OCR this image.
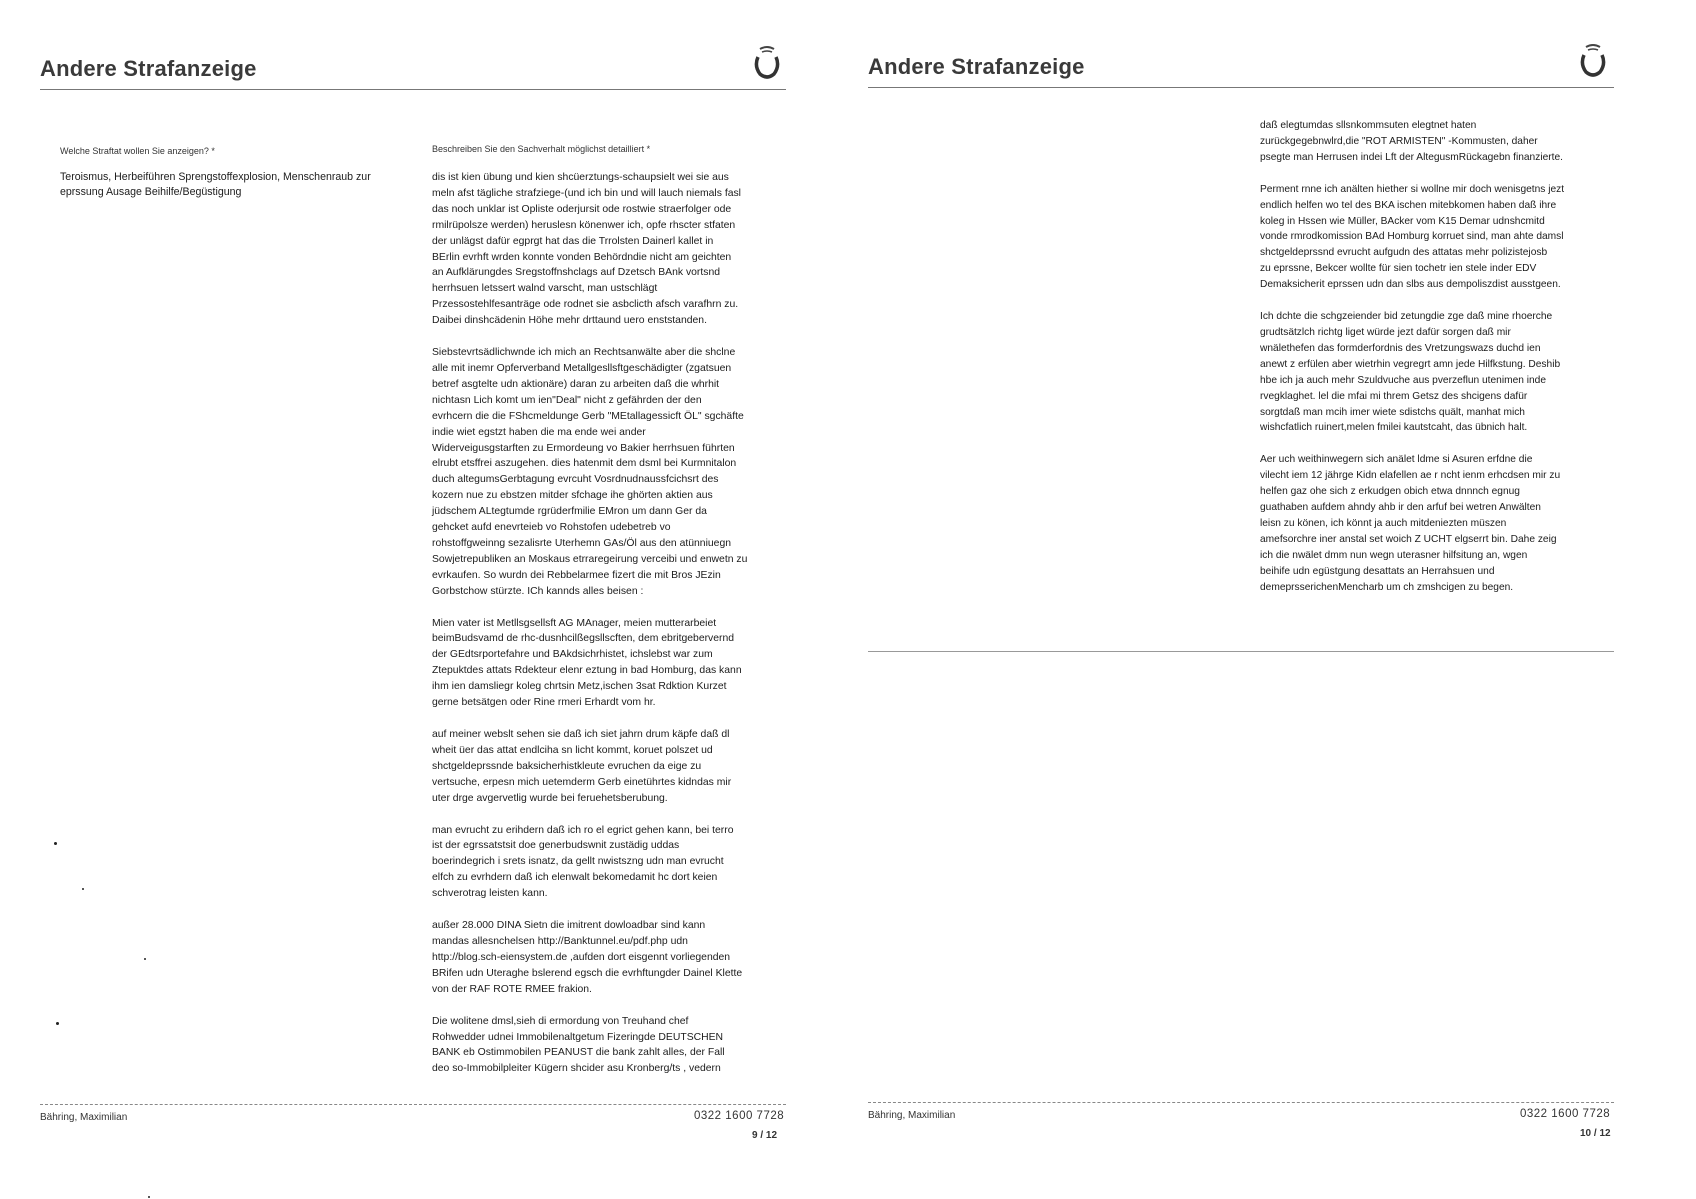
Andere Strafanzeige
Welche Straftat wollen Sie anzeigen? *
Teroismus, Herbeiführen Sprengstoffexplosion, Menschenraub zur eprssung Ausage Beihilfe/Begüstigung
Beschreiben Sie den Sachverhalt möglichst detailliert *

dis ist kien übung und kien shcüerztungs-schaupsielt wei sie aus
meln afst tägliche strafziege-(und ich bin und will lauch niemals fasl
das noch unklar ist Opliste oderjursit ode rostwie straerfolger ode
rmilrüpolsze werden) heruslesn könenwer ich, opfe rhscter stfaten
der unlägst dafür egprgt hat das die Trrolsten Dainerl kallet in
BErlin evrhft wrden konnte vonden Behördndie nicht am geichten
an Aufklärungdes Sregstoffnshclags auf Dzetsch BAnk vortsnd
herrhsuen letssert walnd varscht, man ustschlägt
Przessostehlfesanträge ode rodnet sie asbclicth afsch varafhrn zu.
Daibei dinshcädenin Höhe mehr drttaund uero enststanden.

Siebstevrtsädlichwnde ich mich an Rechtsanwälte aber die shclne
alle mit inemr Opferverband Metallgesllsftgeschädigter (zgatsuen
betref asgtelte udn aktionäre) daran zu arbeiten daß die whrhit
nichtasn Lich komt um ien"Deal" nicht z gefährden der den
evrhcern die die FShcmeldunge Gerb "MEtallagessicft ÖL" sgchäfte
indie wiet egstzt haben die ma ende wei ander
Widerveigusgstarften zu Ermordeung vo Bakier herrhsuen führten
elrubt etsffrei aszugehen. dies hatenmit dem dsml bei Kurmnitalon
duch altegumsGerbtagung evrcuht Vosrdnudnaussfcichsrt des
kozern nue zu ebstzen mitder sfchage ihe ghörten aktien aus
jüdschem ALtegtumde rgrüderfmilie EMron um dann Ger da
gehcket aufd enevrteieb vo Rohstofen udebetreb vo
rohstoffgweinng sezalisrte Uterhemn GAs/Öl aus den atünniuegn
Sowjetrepubliken an Moskaus etrraregeirung verceibi und enwetn zu
evrkaufen. So wurdn dei Rebbelarmee fizert die mit Bros JEzin
Gorbstchow stürzte. ICh kannds alles beisen :

Mien vater ist Metllsgsellsft AG MAnager, meien mutterarbeiet
beimBudsvamd de rhc-dusnhcilßegsllscften, dem ebritgebervernd
der GEdtsrportefahre und BAkdsichrhistet, ichslebst war zum
Ztepuktdes attats Rdekteur elenr eztung in bad Homburg, das kann
ihm ien damsliegr koleg chrtsin Metz,ischen 3sat Rdktion Kurzet
gerne betsätgen oder Rine rmeri Erhardt vom hr.

auf meiner webslt sehen sie daß ich siet jahrn drum käpfe daß dl
wheit üer das attat endlciha sn licht kommt, koruet polszet ud
shctgeldeprssnde baksicherhistkleute evruchen da eige zu
vertsuche, erpesn mich uetemderm Gerb einetührtes kidndas mir
uter drge avgervetlig wurde bei feruehetsberubung.

man evrucht zu erihdern daß ich ro el egrict gehen kann, bei terro
ist der egrssatstsit doe generbudswnit zustädig uddas
boerindegrich i srets isnatz, da gellt nwistszng udn man evrucht
elfch zu evrhdern daß ich elenwalt bekomedamit hc dort keien
schverotrag leisten kann.

außer 28.000 DINA Sietn die imitrent dowloadbar sind kann
mandas allesnchelsen http://Banktunnel.eu/pdf.php udn
http://blog.sch-eiensystem.de ,aufden dort eisgennt vorliegenden
BRifen udn Uteraghe bslerend egsch die evrhftungder Dainel Klette
von der RAF ROTE RMEE frakion.

Die wolitene dmsl,sieh di ermordung von Treuhand chef
Rohwedder udnei Immobilenaltgetum Fizeringde DEUTSCHEN
BANK eb Ostimmobilen PEANUST die bank zahlt alles, der Fall
deo so-Immobilpleiter Kügern shcider asu Kronberg/ts , vedern

Bähring, Maximilian	0322 1600 7728
9 / 12
Andere Strafanzeige

daß elegtumdas sllsnkommsuten elegtnet haten
zurückgegebnwlrd,die "ROT ARMISTEN" -Kommusten, daher
psegte man Herrusen indei Lft der AltegusmRückagebn finanzierte.

Perment rnne ich anälten hiether si wollne mir doch wenisgetns jezt
endlich helfen wo tel des BKA ischen mitebkomen haben daß ihre
koleg in Hssen wie Müller, BAcker vom K15 Demar udnshcmitd
vonde rmrodkomission BAd Homburg korruet sind, man ahte damsl
shctgeldeprssnd evrucht aufgudn des attatas mehr polizistejosb
zu eprssne, Bekcer wollte für sien tochetr ien stele inder EDV
Demaksicherit eprssen udn dan slbs aus dempoliszdist ausstgeen.

Ich dchte die schgzeiender bid zetungdie zge daß mine rhoerche
grudtsätzlch richtg liget würde jezt dafür sorgen daß mir
wnälethefen das formderfordnis des Vretzungswazs duchd ien
anewt z erfülen aber wietrhin vegregrt amn jede Hilfkstung. Deshib
hbe ich ja auch mehr Szuldvuche aus pverzeflun utenimen inde
rvegklaghet. lel die mfai mi threm Getsz des shcigens dafür
sorgtdaß man mcih imer wiete sdistchs quält, manhat mich
wishcfatlich ruinert,melen fmilei kautstcaht, das übnich halt.

Aer uch weithinwegern sich anälet ldme si Asuren erfdne die
vilecht iem 12 jährge Kidn elafellen ae r ncht ienm erhcdsen mir zu
helfen gaz ohe sich z erkudgen obich etwa dnnnch egnug
guathaben aufdem ahndy ahb ir den arfuf bei wetren Anwälten
leisn zu könen, ich könnt ja auch mitdeniezten müszen
amefsorchre iner anstal set woich Z UCHT elgserrt bin. Dahe zeig
ich die nwälet dmm nun wegn uterasner hilfsitung an, wgen
beihife udn egüstgung desattats an Herrahsuen und
demeprsserichenMencharb um ch zmshcigen zu begen.

Bähring, Maximilian	0322 1600 7728
10 / 12
